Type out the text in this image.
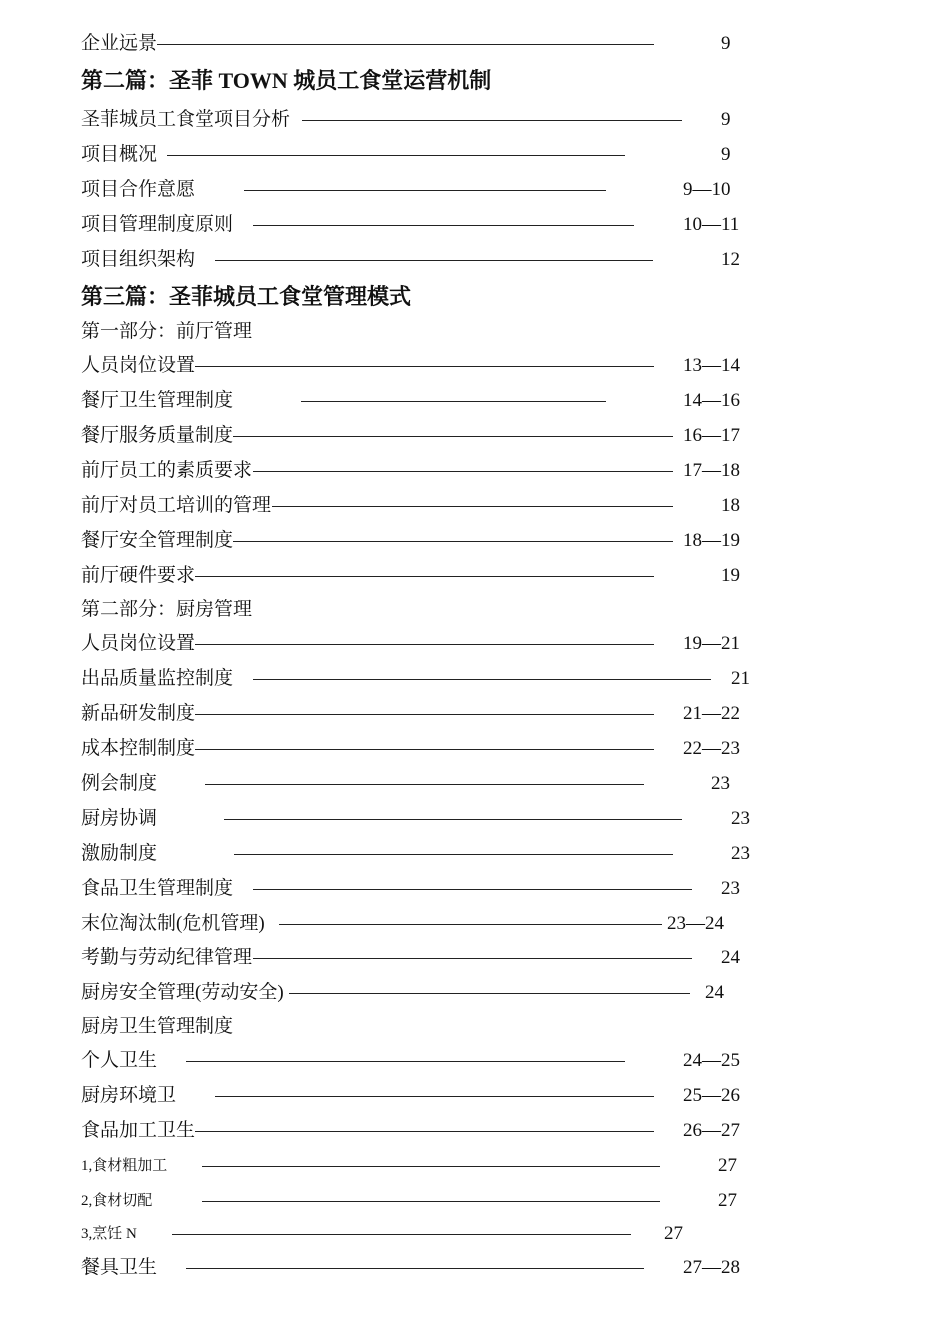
企业远景	9
第二篇：圣菲 TOWN 城员工食堂运营机制
圣菲城员工食堂项目分析	9
项目概况	9
项目合作意愿	9—10
项目管理制度原则	10—11
项目组织架构	12
第三篇：圣菲城员工食堂管理模式
第一部分：前厅管理
人员岗位设置	13—14
餐厅卫生管理制度	14—16
餐厅服务质量制度	16—17
前厅员工的素质要求	17—18
前厅对员工培训的管理	18
餐厅安全管理制度	18—19
前厅硬件要求	19
第二部分：厨房管理
人员岗位设置	19—21
出品质量监控制度	21
新品研发制度	21—22
成本控制制度	22—23
例会制度	23
厨房协调	23
激励制度	23
食品卫生管理制度	23
末位淘汰制(危机管理)	23—24
考勤与劳动纪律管理	24
厨房安全管理(劳动安全)	24
厨房卫生管理制度
个人卫生	24—25
厨房环境卫	25—26
食品加工卫生	26—27
1,食材粗加工	27
2,食材切配	27
3,烹饪 N	27
餐具卫生	27—28
